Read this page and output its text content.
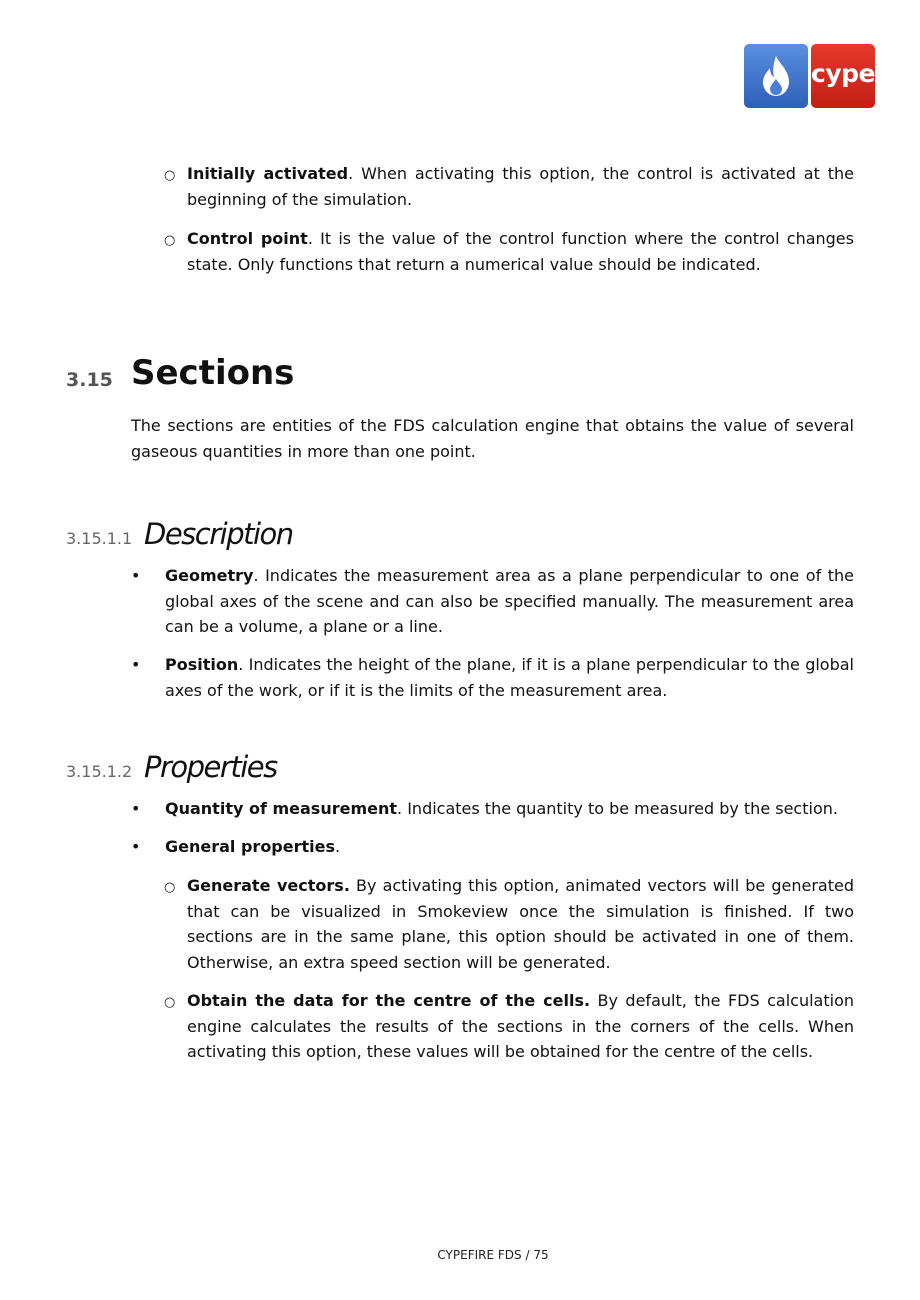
cype
○ Initially activated. When activating this option, the control is activated at the beginning of the simulation.
○ Control point. It is the value of the control function where the control changes state. Only functions that return a numerical value should be indicated.
3.15 Sections
The sections are entities of the FDS calculation engine that obtains the value of several gaseous quantities in more than one point.
3.15.1.1 Description
• Geometry. Indicates the measurement area as a plane perpendicular to one of the global axes of the scene and can also be specified manually. The measurement area can be a volume, a plane or a line.
• Position. Indicates the height of the plane, if it is a plane perpendicular to the global axes of the work, or if it is the limits of the measurement area.
3.15.1.2 Properties
• Quantity of measurement. Indicates the quantity to be measured by the section.
• General properties.
○ Generate vectors. By activating this option, animated vectors will be generated that can be visualized in Smokeview once the simulation is finished. If two sections are in the same plane, this option should be activated in one of them. Otherwise, an extra speed section will be generated.
○ Obtain the data for the centre of the cells. By default, the FDS calculation engine calculates the results of the sections in the corners of the cells. When activating this option, these values will be obtained for the centre of the cells.
CYPEFIRE FDS / 75
